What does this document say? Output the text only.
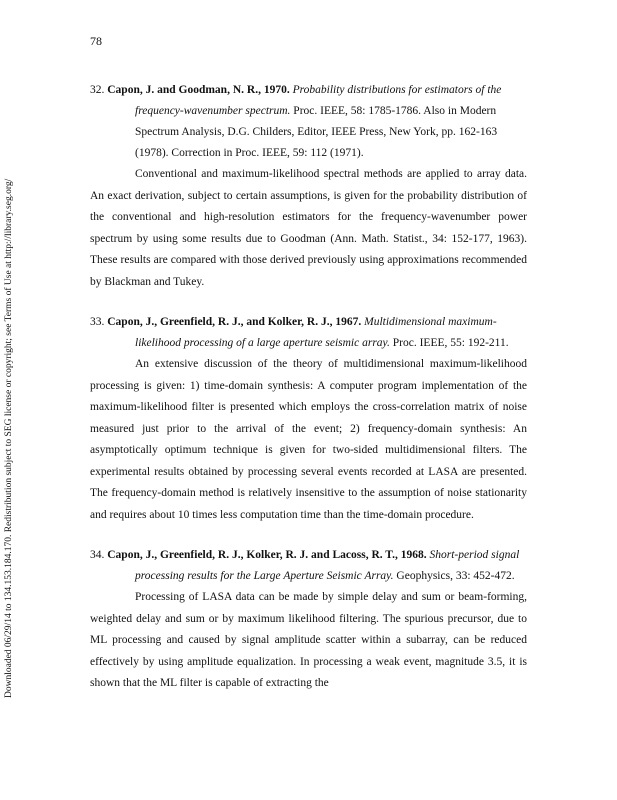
78
Downloaded 06/29/14 to 134.153.184.170. Redistribution subject to SEG license or copyright; see Terms of Use at http://library.seg.org/

32. Capon, J. and Goodman, N. R., 1970. Probability distributions for estimators of the frequency-wavenumber spectrum. Proc. IEEE, 58: 1785-1786. Also in Modern Spectrum Analysis, D.G. Childers, Editor, IEEE Press, New York, pp. 162-163 (1978). Correction in Proc. IEEE, 59: 112 (1971).

Conventional and maximum-likelihood spectral methods are applied to array data. An exact derivation, subject to certain assumptions, is given for the probability distribution of the conventional and high-resolution estimators for the frequency-wavenumber power spectrum by using some results due to Goodman (Ann. Math. Statist., 34: 152-177, 1963). These results are compared with those derived previously using approximations recommended by Blackman and Tukey.

33. Capon, J., Greenfield, R. J., and Kolker, R. J., 1967. Multidimensional maximum-likelihood processing of a large aperture seismic array. Proc. IEEE, 55: 192-211.

An extensive discussion of the theory of multidimensional maximum-likelihood processing is given: 1) time-domain synthesis: A computer program implementation of the maximum-likelihood filter is presented which employs the cross-correlation matrix of noise measured just prior to the arrival of the event; 2) frequency-domain synthesis: An asymptotically optimum technique is given for two-sided multidimensional filters. The experimental results obtained by processing several events recorded at LASA are presented. The frequency-domain method is relatively insensitive to the assumption of noise stationarity and requires about 10 times less computation time than the time-domain procedure.

34. Capon, J., Greenfield, R. J., Kolker, R. J. and Lacoss, R. T., 1968. Short-period signal processing results for the Large Aperture Seismic Array. Geophysics, 33: 452-472.

Processing of LASA data can be made by simple delay and sum or beam-forming, weighted delay and sum or by maximum likelihood filtering. The spurious precursor, due to ML processing and caused by signal amplitude scatter within a subarray, can be reduced effectively by using amplitude equalization. In processing a weak event, magnitude 3.5, it is shown that the ML filter is capable of extracting the
